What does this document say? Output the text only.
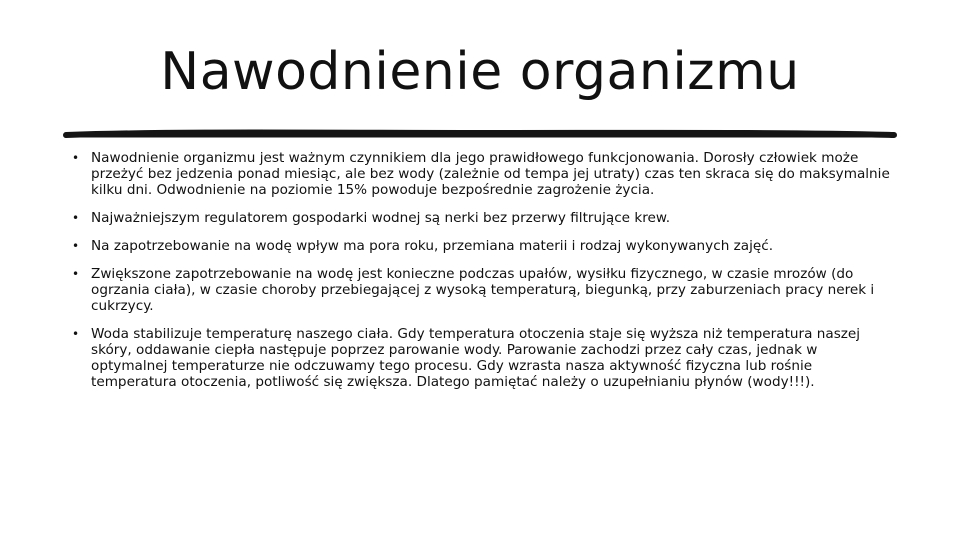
Nawodnienie organizmu
• Nawodnienie organizmu jest ważnym czynnikiem dla jego prawidłowego funkcjonowania. Dorosły człowiek może przeżyć bez jedzenia ponad miesiąc, ale bez wody (zależnie od tempa jej utraty) czas ten skraca się do maksymalnie kilku dni. Odwodnienie na poziomie 15% powoduje bezpośrednie zagrożenie życia.
• Najważniejszym regulatorem gospodarki wodnej są nerki bez przerwy filtrujące krew.
• Na zapotrzebowanie na wodę wpływ ma pora roku, przemiana materii i rodzaj wykonywanych zajęć.
• Zwiększone zapotrzebowanie na wodę jest konieczne podczas upałów, wysiłku fizycznego, w czasie mrozów (do ogrzania ciała), w czasie choroby przebiegającej z wysoką temperaturą, biegunką, przy zaburzeniach pracy nerek i cukrzycy.
• Woda stabilizuje temperaturę naszego ciała. Gdy temperatura otoczenia staje się wyższa niż temperatura naszej skóry, oddawanie ciepła następuje poprzez parowanie wody. Parowanie zachodzi przez cały czas, jednak w optymalnej temperaturze nie odczuwamy tego procesu. Gdy wzrasta nasza aktywność fizyczna lub rośnie temperatura otoczenia, potliwość się zwiększa. Dlatego pamiętać należy o uzupełnianiu płynów (wody!!!).
